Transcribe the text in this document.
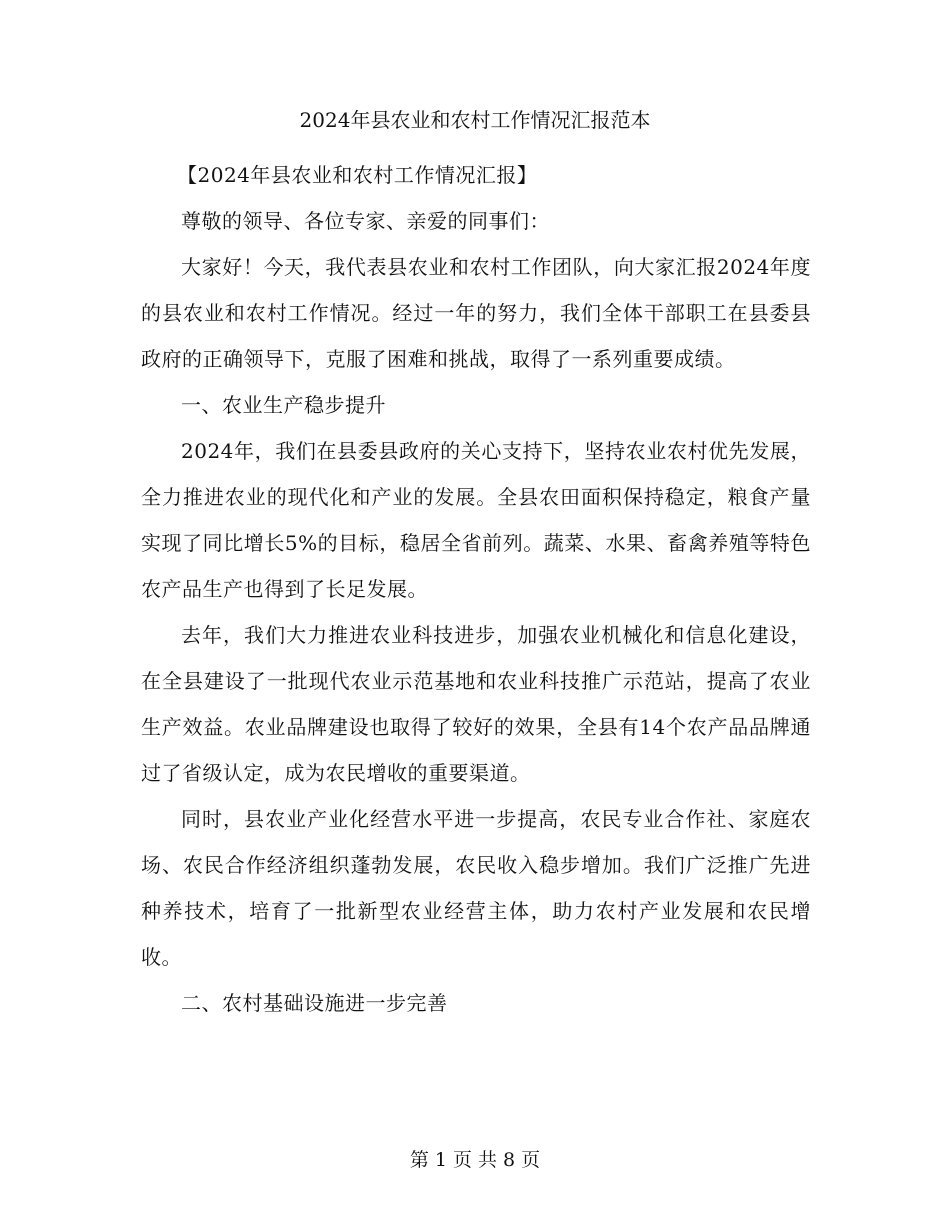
2024年县农业和农村工作情况汇报范本

【2024年县农业和农村工作情况汇报】

尊敬的领导、各位专家、亲爱的同事们：

大家好！今天，我代表县农业和农村工作团队，向大家汇报2024年度的县农业和农村工作情况。经过一年的努力，我们全体干部职工在县委县政府的正确领导下，克服了困难和挑战，取得了一系列重要成绩。

一、农业生产稳步提升

2024年，我们在县委县政府的关心支持下，坚持农业农村优先发展，全力推进农业的现代化和产业的发展。全县农田面积保持稳定，粮食产量实现了同比增长5%的目标，稳居全省前列。蔬菜、水果、畜禽养殖等特色农产品生产也得到了长足发展。

去年，我们大力推进农业科技进步，加强农业机械化和信息化建设，在全县建设了一批现代农业示范基地和农业科技推广示范站，提高了农业生产效益。农业品牌建设也取得了较好的效果，全县有14个农产品品牌通过了省级认定，成为农民增收的重要渠道。

同时，县农业产业化经营水平进一步提高，农民专业合作社、家庭农场、农民合作经济组织蓬勃发展，农民收入稳步增加。我们广泛推广先进种养技术，培育了一批新型农业经营主体，助力农村产业发展和农民增收。

二、农村基础设施进一步完善

第 1 页 共 8 页
